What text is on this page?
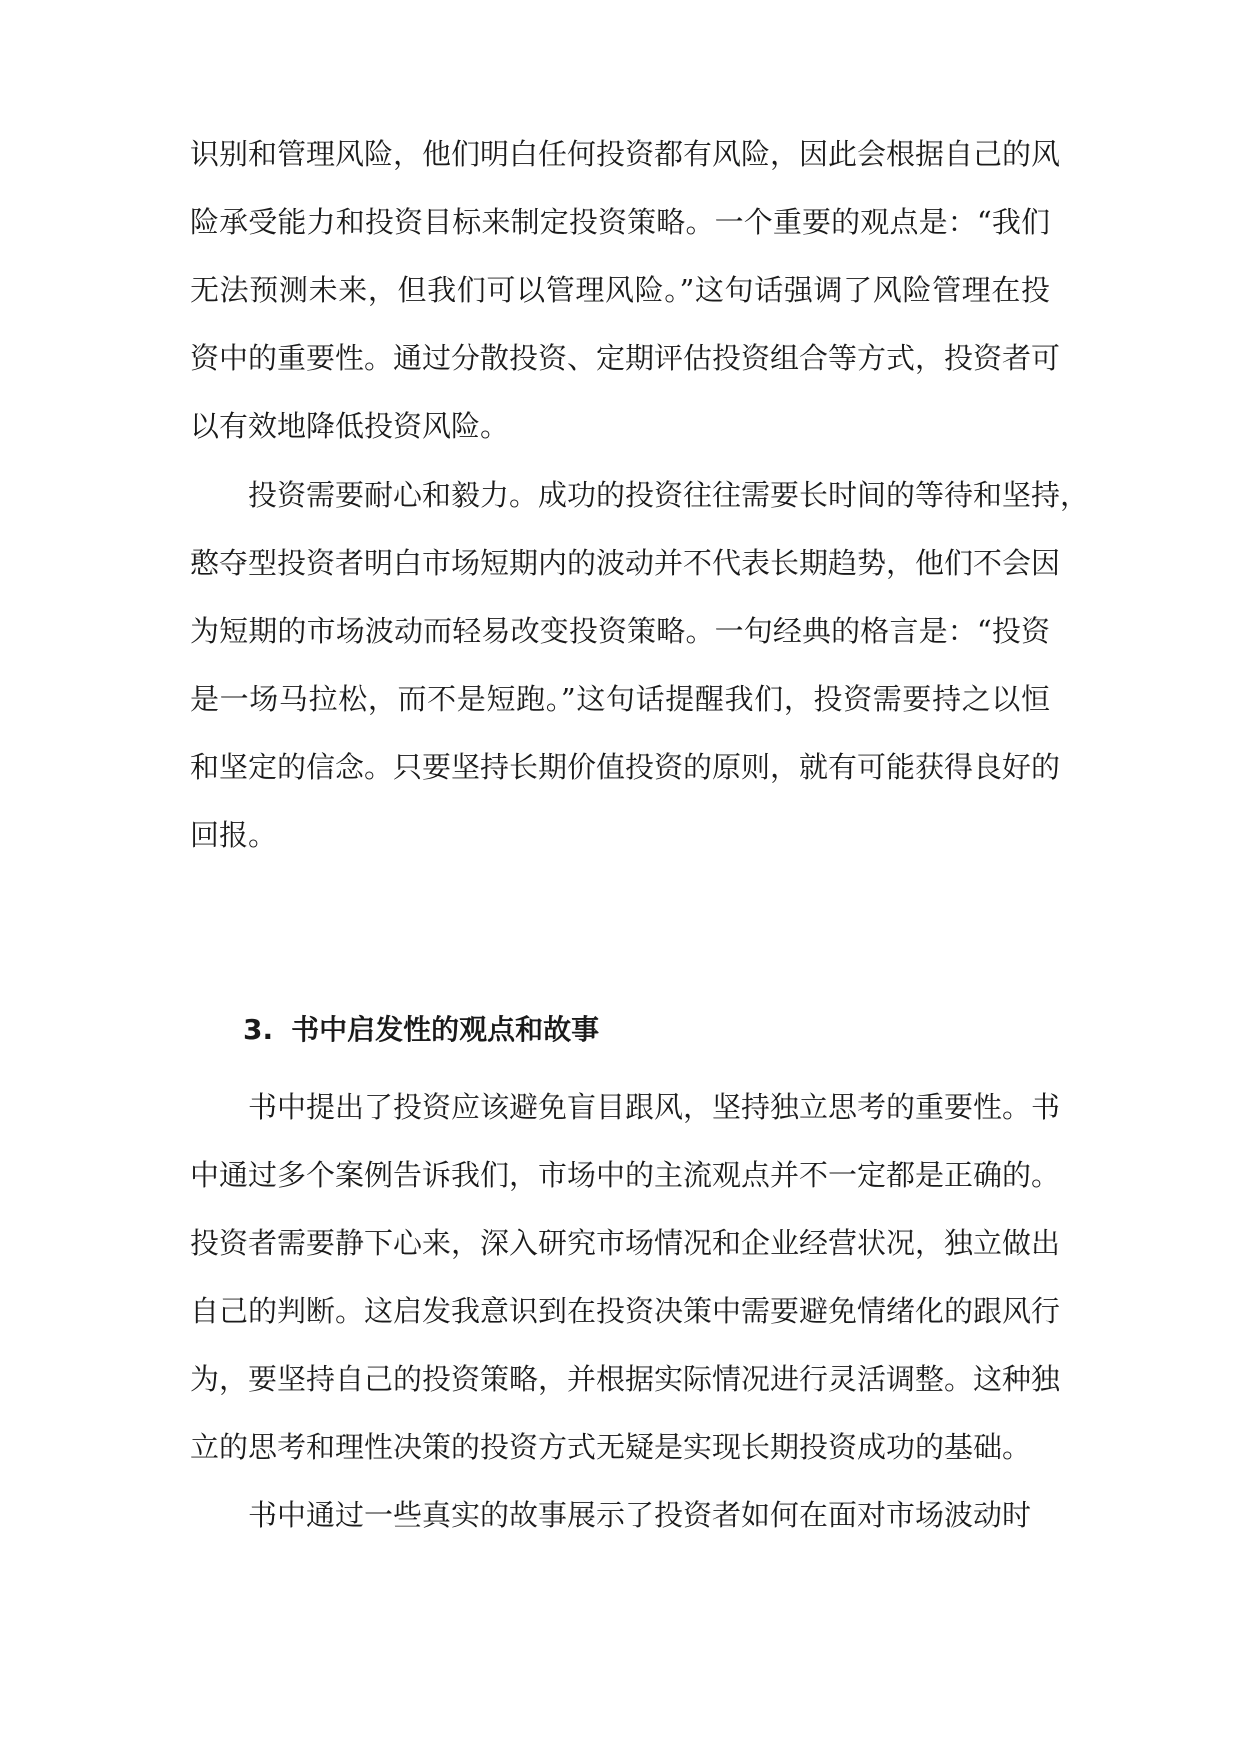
识别和管理风险，他们明白任何投资都有风险，因此会根据自己的风
险承受能力和投资目标来制定投资策略。一个重要的观点是：“我们
无法预测未来，但我们可以管理风险。”这句话强调了风险管理在投
资中的重要性。通过分散投资、定期评估投资组合等方式，投资者可
以有效地降低投资风险。
投资需要耐心和毅力。成功的投资往往需要长时间的等待和坚持，
憨夺型投资者明白市场短期内的波动并不代表长期趋势，他们不会因
为短期的市场波动而轻易改变投资策略。一句经典的格言是：“投资
是一场马拉松，而不是短跑。”这句话提醒我们，投资需要持之以恒
和坚定的信念。只要坚持长期价值投资的原则，就有可能获得良好的
回报。
3. 书中启发性的观点和故事
书中提出了投资应该避免盲目跟风，坚持独立思考的重要性。书
中通过多个案例告诉我们，市场中的主流观点并不一定都是正确的。
投资者需要静下心来，深入研究市场情况和企业经营状况，独立做出
自己的判断。这启发我意识到在投资决策中需要避免情绪化的跟风行
为，要坚持自己的投资策略，并根据实际情况进行灵活调整。这种独
立的思考和理性决策的投资方式无疑是实现长期投资成功的基础。
书中通过一些真实的故事展示了投资者如何在面对市场波动时
